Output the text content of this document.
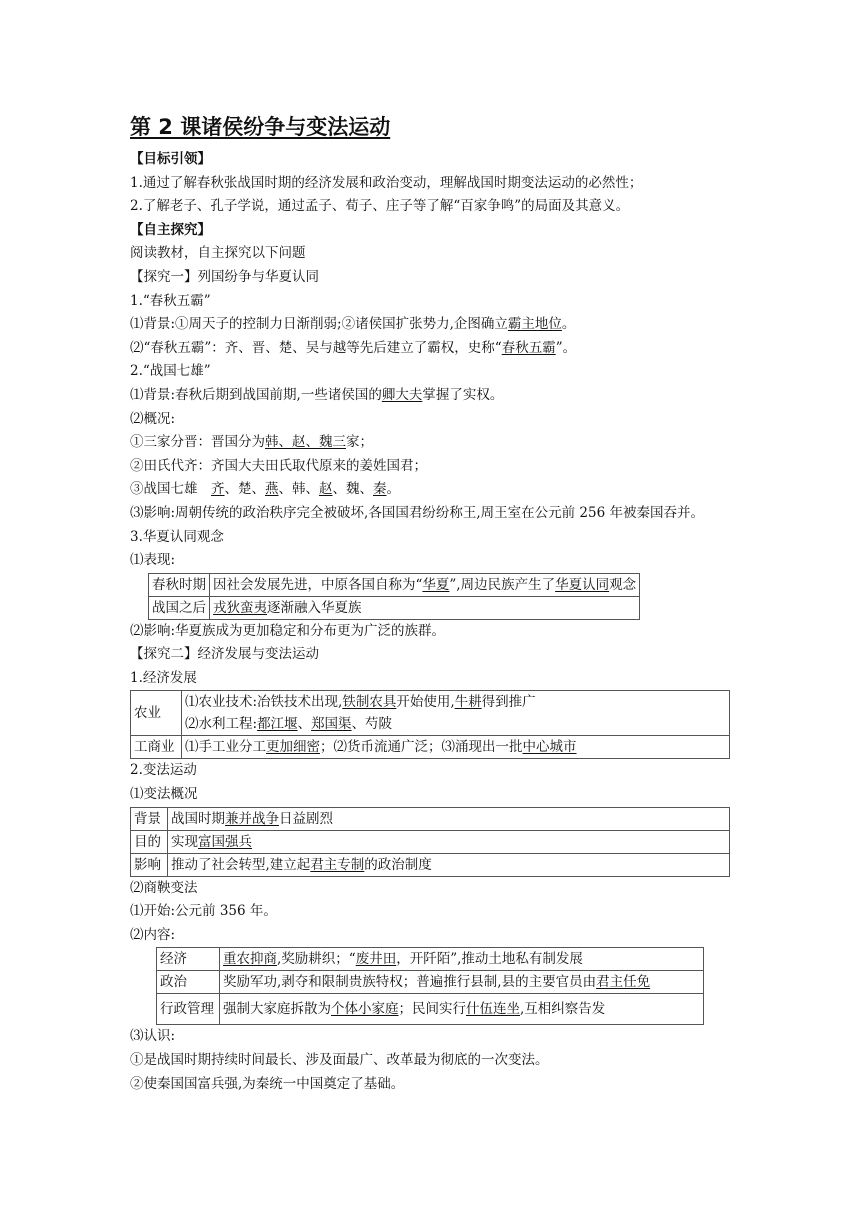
第 2 课诸侯纷争与变法运动
【目标引领】
1.通过了解春秋张战国时期的经济发展和政治变动，理解战国时期变法运动的必然性；
2.了解老子、孔子学说，通过孟子、荀子、庄子等了解“百家争鸣”的局面及其意义。
【自主探究】
阅读教材，自主探究以下问题
【探究一】列国纷争与华夏认同
1.“春秋五霸”
⑴背景:①周天子的控制力日渐削弱;②诸侯国扩张势力,企图确立霸主地位。
⑵“春秋五霸”：齐、晋、楚、吴与越等先后建立了霸权，史称“春秋五霸”。
2.“战国七雄”
⑴背景:春秋后期到战国前期,一些诸侯国的卿大夫掌握了实权。
⑵概况:
①三家分晋：晋国分为韩、赵、魏三家；
②田氏代齐：齐国大夫田氏取代原来的姜姓国君；
③战国七雄　齐、楚、燕、韩、赵、魏、秦。
⑶影响:周朝传统的政治秩序完全被破坏,各国国君纷纷称王,周王室在公元前 256 年被秦国吞并。
3.华夏认同观念
⑴表现:
春秋时期	因社会发展先进，中原各国自称为“华夏”,周边民族产生了华夏认同观念
战国之后	戎狄蛮夷逐渐融入华夏族
⑵影响:华夏族成为更加稳定和分布更为广泛的族群。
【探究二】经济发展与变法运动
1.经济发展
农业	⑴农业技术:冶铁技术出现,铁制农具开始使用,牛耕得到推广
⑵水利工程:都江堰、郑国渠、芍陂

工商业	⑴手工业分工更加细密；⑵货币流通广泛；⑶涌现出一批中心城市
2.变法运动
⑴变法概况
背景	战国时期兼并战争日益剧烈
目的	实现富国强兵
影响	推动了社会转型,建立起君主专制的政治制度
⑵商鞅变法
⑴开始:公元前 356 年。
⑵内容:
经济	重农抑商,奖励耕织；“废井田，开阡陌”,推动土地私有制发展
政治	奖励军功,剥夺和限制贵族特权；普遍推行县制,县的主要官员由君主任免
行政管理	强制大家庭拆散为个体小家庭；民间实行什伍连坐,互相纠察告发
⑶认识:
①是战国时期持续时间最长、涉及面最广、改革最为彻底的一次变法。
②使秦国国富兵强,为秦统一中国奠定了基础。
